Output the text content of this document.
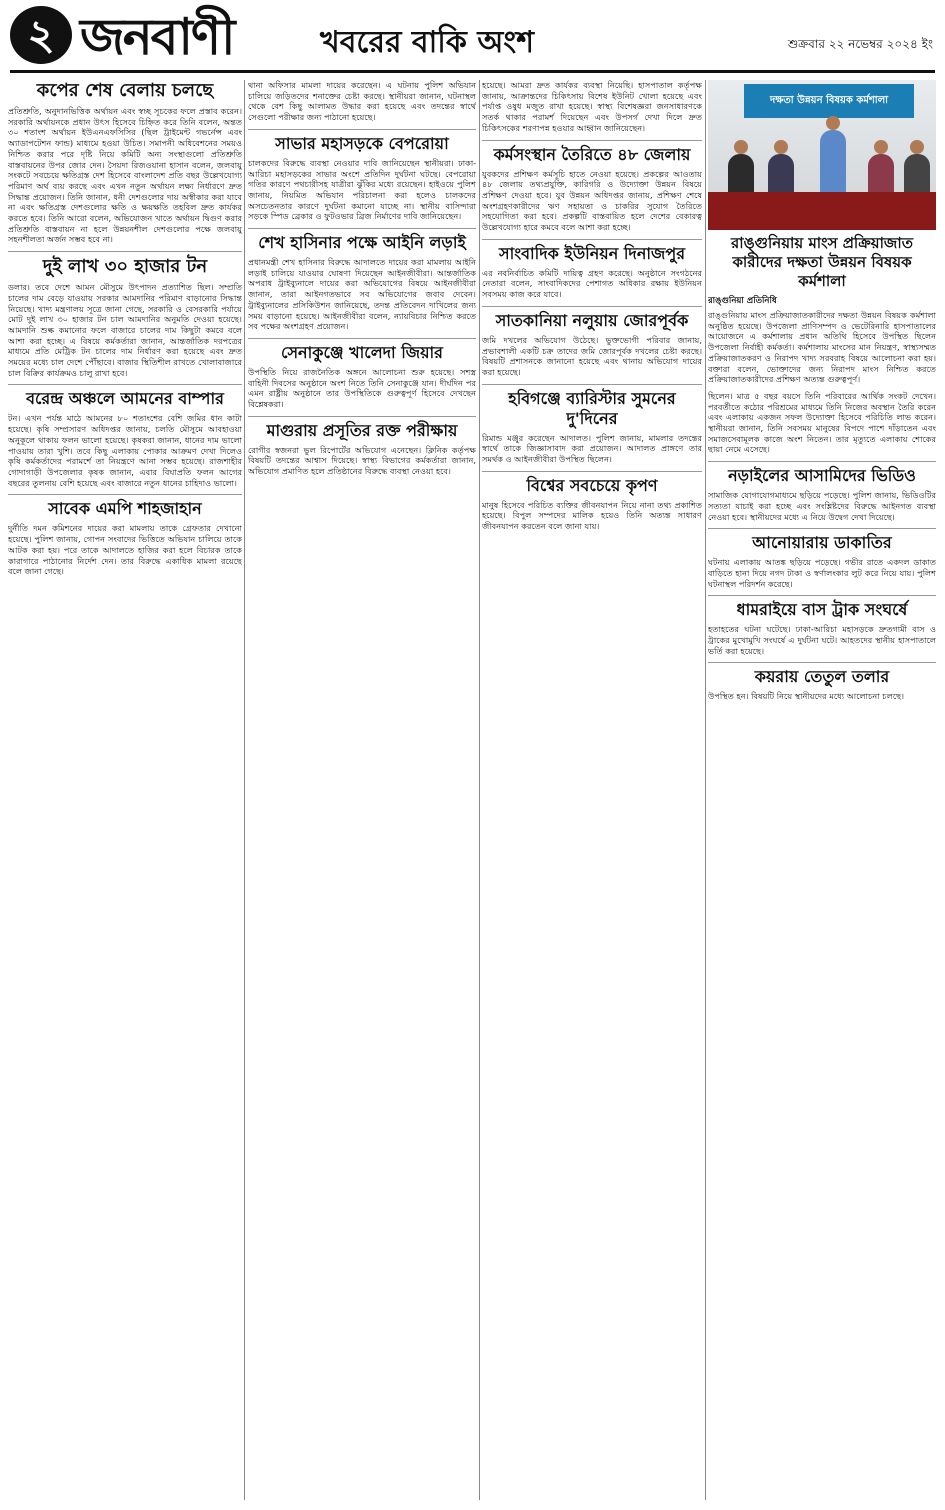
২ জনবাণী	খবরের বাকি অংশ	শুক্রবার ২২ নভেম্বর ২০২৪ ইং
কপের শেষ বেলায় চলছে

প্রতিশ্রুতি, অনুদানভিত্তিক অর্থায়ন এবং স্বচ্ছ সূচকের ফলে প্রস্তাব করেন। সরকারি অর্থায়নকে প্রধান উৎস হিসেবে চিহ্নিত করে তিনি বলেন, অন্তত ৩০ শতাংশ অর্থায়ন ইউএনএফসিসির (ছিল ট্রাইমেন্ট গভর্নেন্স এবং অ্যাডাপটেশন ফান্ড) মাধ্যমে হওয়া উচিত। সমাপনী অধিবেশনের সময়ও নিশ্চিত করার পরে দৃষ্টি নিয়ে কমিটি অন্য সংস্থাগুলো প্রতিশ্রুতি বাস্তবায়নের উপর জোর দেন। সৈয়দা রিজওয়ানা হাসান বলেন, জলবায়ু সংকটে সবচেয়ে ক্ষতিগ্রস্ত দেশ হিসেবে বাংলাদেশ প্রতি বছর উল্লেখযোগ্য পরিমাণ অর্থ ব্যয় করছে এবং এখন নতুন অর্থায়ন লক্ষ্য নির্ধারণে দ্রুত সিদ্ধান্ত প্রয়োজন। তিনি জানান, ধনী দেশগুলোর দায় অস্বীকার করা যাবে না এবং ক্ষতিগ্রস্ত দেশগুলোর ক্ষতি ও ক্ষয়ক্ষতি তহবিল দ্রুত কার্যকর করতে হবে। তিনি আরো বলেন, অভিযোজন খাতে অর্থায়ন দ্বিগুণ করার প্রতিশ্রুতি বাস্তবায়ন না হলে উন্নয়নশীল দেশগুলোর পক্ষে জলবায়ু সহনশীলতা অর্জন সম্ভব হবে না।

দুই লাখ ৩০ হাজার টন

ডলার। তবে দেশে আমন মৌসুমে উৎপাদন প্রত্যাশিত ছিল। সম্প্রতি চালের দাম বেড়ে যাওয়ায় সরকার আমদানির পরিমাণ বাড়ানোর সিদ্ধান্ত নিয়েছে। খাদ্য মন্ত্রণালয় সূত্রে জানা গেছে, সরকারি ও বেসরকারি পর্যায়ে মোট দুই লাখ ৩০ হাজার টন চাল আমদানির অনুমতি দেওয়া হয়েছে। আমদানি শুল্ক কমানোর ফলে বাজারে চালের দাম কিছুটা কমবে বলে আশা করা হচ্ছে। এ বিষয়ে কর্মকর্তারা জানান, আন্তর্জাতিক দরপত্রের মাধ্যমে প্রতি মেট্রিক টন চালের দাম নির্ধারণ করা হয়েছে এবং দ্রুত সময়ের মধ্যে চাল দেশে পৌঁছাবে। বাজার স্থিতিশীল রাখতে খোলাবাজারে চাল বিক্রির কার্যক্রমও চালু রাখা হবে।

বরেন্দ্র অঞ্চলে আমনের বাম্পার

টন। এখন পর্যন্ত মাঠে আমনের ৮০ শতাংশের বেশি জমির ধান কাটা হয়েছে। কৃষি সম্প্রসারণ অধিদপ্তর জানায়, চলতি মৌসুমে আবহাওয়া অনুকূলে থাকায় ফলন ভালো হয়েছে। কৃষকরা জানান, ধানের দাম ভালো পাওয়ায় তারা খুশি। তবে কিছু এলাকায় পোকার আক্রমণ দেখা দিলেও কৃষি কর্মকর্তাদের পরামর্শে তা নিয়ন্ত্রণে আনা সম্ভব হয়েছে। রাজশাহীর গোদাগাড়ী উপজেলার কৃষক জানান, এবার বিঘাপ্রতি ফলন আগের বছরের তুলনায় বেশি হয়েছে এবং বাজারে নতুন ধানের চাহিদাও ভালো।

সাবেক এমপি শাহজাহান

দুর্নীতি দমন কমিশনের দায়ের করা মামলায় তাকে গ্রেফতার দেখানো হয়েছে। পুলিশ জানায়, গোপন সংবাদের ভিত্তিতে অভিযান চালিয়ে তাকে আটক করা হয়। পরে তাকে আদালতে হাজির করা হলে বিচারক তাকে কারাগারে পাঠানোর নির্দেশ দেন। তার বিরুদ্ধে একাধিক মামলা রয়েছে বলে জানা গেছে।

থানা অফিসার মামলা দায়ের করেছেন। এ ঘটনায় পুলিশ অভিযান চালিয়ে জড়িতদের শনাক্তের চেষ্টা করছে। স্থানীয়রা জানান, ঘটনাস্থল থেকে বেশ কিছু আলামত উদ্ধার করা হয়েছে এবং তদন্তের স্বার্থে সেগুলো পরীক্ষার জন্য পাঠানো হয়েছে।

সাভার মহাসড়কে বেপরোয়া

চালকদের বিরুদ্ধে ব্যবস্থা নেওয়ার দাবি জানিয়েছেন স্থানীয়রা। ঢাকা-আরিচা মহাসড়কের সাভার অংশে প্রতিদিন দুর্ঘটনা ঘটছে। বেপরোয়া গতির কারণে পথচারীসহ যাত্রীরা ঝুঁকির মধ্যে রয়েছেন। হাইওয়ে পুলিশ জানায়, নিয়মিত অভিযান পরিচালনা করা হলেও চালকদের অসচেতনতার কারণে দুর্ঘটনা কমানো যাচ্ছে না। স্থানীয় বাসিন্দারা সড়কে স্পিড ব্রেকার ও ফুটওভার ব্রিজ নির্মাণের দাবি জানিয়েছেন।

শেখ হাসিনার পক্ষে আইনি লড়াই

প্রধানমন্ত্রী শেখ হাসিনার বিরুদ্ধে আদালতে দায়ের করা মামলায় আইনি লড়াই চালিয়ে যাওয়ার ঘোষণা দিয়েছেন আইনজীবীরা। আন্তর্জাতিক অপরাধ ট্রাইব্যুনালে দায়ের করা অভিযোগের বিষয়ে আইনজীবীরা জানান, তারা আইনগতভাবে সব অভিযোগের জবাব দেবেন। ট্রাইব্যুনালের প্রসিকিউশন জানিয়েছে, তদন্ত প্রতিবেদন দাখিলের জন্য সময় বাড়ানো হয়েছে। আইনজীবীরা বলেন, ন্যায়বিচার নিশ্চিত করতে সব পক্ষের অংশগ্রহণ প্রয়োজন।

সেনাকুঞ্জে খালেদা জিয়ার

উপস্থিতি নিয়ে রাজনৈতিক অঙ্গনে আলোচনা শুরু হয়েছে। সশস্ত্র বাহিনী দিবসের অনুষ্ঠানে অংশ নিতে তিনি সেনাকুঞ্জে যান। দীর্ঘদিন পর এমন রাষ্ট্রীয় অনুষ্ঠানে তার উপস্থিতিকে গুরুত্বপূর্ণ হিসেবে দেখছেন বিশ্লেষকরা।

মাগুরায় প্রসূতির রক্ত পরীক্ষায়

রোগীর স্বজনরা ভুল রিপোর্টের অভিযোগ এনেছেন। ক্লিনিক কর্তৃপক্ষ বিষয়টি তদন্তের আশ্বাস দিয়েছে। স্বাস্থ্য বিভাগের কর্মকর্তারা জানান, অভিযোগ প্রমাণিত হলে প্রতিষ্ঠানের বিরুদ্ধে ব্যবস্থা নেওয়া হবে।

হয়েছে। আমরা দ্রুত কার্যকর ব্যবস্থা নিয়েছি। হাসপাতাল কর্তৃপক্ষ জানায়, আক্রান্তদের চিকিৎসায় বিশেষ ইউনিট খোলা হয়েছে এবং পর্যাপ্ত ওষুধ মজুত রাখা হয়েছে। স্বাস্থ্য বিশেষজ্ঞরা জনসাধারণকে সতর্ক থাকার পরামর্শ দিয়েছেন এবং উপসর্গ দেখা দিলে দ্রুত চিকিৎসকের শরণাপন্ন হওয়ার আহ্বান জানিয়েছেন।

কর্মসংস্থান তৈরিতে ৪৮ জেলায়

যুবকদের প্রশিক্ষণ কর্মসূচি হাতে নেওয়া হয়েছে। প্রকল্পের আওতায় ৪৮ জেলায় তথ্যপ্রযুক্তি, কারিগরি ও উদ্যোক্তা উন্নয়ন বিষয়ে প্রশিক্ষণ দেওয়া হবে। যুব উন্নয়ন অধিদপ্তর জানায়, প্রশিক্ষণ শেষে অংশগ্রহণকারীদের ঋণ সহায়তা ও চাকরির সুযোগ তৈরিতে সহযোগিতা করা হবে। প্রকল্পটি বাস্তবায়িত হলে দেশের বেকারত্ব উল্লেখযোগ্য হারে কমবে বলে আশা করা হচ্ছে।

সাংবাদিক ইউনিয়ন দিনাজপুর

এর নবনির্বাচিত কমিটি দায়িত্ব গ্রহণ করেছে। অনুষ্ঠানে সংগঠনের নেতারা বলেন, সাংবাদিকদের পেশাগত অধিকার রক্ষায় ইউনিয়ন সবসময় কাজ করে যাবে।

সাতকানিয়া নলুয়ায় জোরপূর্বক

জমি দখলের অভিযোগ উঠেছে। ভুক্তভোগী পরিবার জানায়, প্রভাবশালী একটি চক্র তাদের জমি জোরপূর্বক দখলের চেষ্টা করছে। বিষয়টি প্রশাসনকে জানানো হয়েছে এবং থানায় অভিযোগ দায়ের করা হয়েছে।

হবিগঞ্জে ব্যারিস্টার সুমনের দু'দিনের

রিমান্ড মঞ্জুর করেছেন আদালত। পুলিশ জানায়, মামলার তদন্তের স্বার্থে তাকে জিজ্ঞাসাবাদ করা প্রয়োজন। আদালত প্রাঙ্গণে তার সমর্থক ও আইনজীবীরা উপস্থিত ছিলেন।

বিশ্বের সবচেয়ে কৃপণ

মানুষ হিসেবে পরিচিত ব্যক্তির জীবনযাপন নিয়ে নানা তথ্য প্রকাশিত হয়েছে। বিপুল সম্পদের মালিক হয়েও তিনি অত্যন্ত সাধারণ জীবনযাপন করতেন বলে জানা যায়।

দক্ষতা উন্নয়ন বিষয়ক কর্মশালা
রাঙ্গুনিয়ায় মাংস প্রক্রিয়াজাত কারীদের দক্ষতা উন্নয়ন বিষয়ক কর্মশালা
রাঙ্গুনিয়া প্রতিনিধি

রাঙ্গুনিয়ায় মাংস প্রক্রিয়াজাতকারীদের দক্ষতা উন্নয়ন বিষয়ক কর্মশালা অনুষ্ঠিত হয়েছে। উপজেলা প্রাণিসম্পদ ও ভেটেরিনারি হাসপাতালের আয়োজনে এ কর্মশালায় প্রধান অতিথি হিসেবে উপস্থিত ছিলেন উপজেলা নির্বাহী কর্মকর্তা। কর্মশালায় মাংসের মান নিয়ন্ত্রণ, স্বাস্থ্যসম্মত প্রক্রিয়াজাতকরণ ও নিরাপদ খাদ্য সরবরাহ বিষয়ে আলোচনা করা হয়। বক্তারা বলেন, ভোক্তাদের জন্য নিরাপদ মাংস নিশ্চিত করতে প্রক্রিয়াজাতকারীদের প্রশিক্ষণ অত্যন্ত গুরুত্বপূর্ণ।

ছিলেন। মাত্র ৫ বছর বয়সে তিনি পরিবারের আর্থিক সংকট দেখেন। পরবর্তীতে কঠোর পরিশ্রমের মাধ্যমে তিনি নিজের অবস্থান তৈরি করেন এবং এলাকায় একজন সফল উদ্যোক্তা হিসেবে পরিচিতি লাভ করেন। স্থানীয়রা জানান, তিনি সবসময় মানুষের বিপদে পাশে দাঁড়াতেন এবং সমাজসেবামূলক কাজে অংশ নিতেন। তার মৃত্যুতে এলাকায় শোকের ছায়া নেমে এসেছে।

নড়াইলের আসামিদের ভিডিও

সামাজিক যোগাযোগমাধ্যমে ছড়িয়ে পড়েছে। পুলিশ জানায়, ভিডিওটির সত্যতা যাচাই করা হচ্ছে এবং সংশ্লিষ্টদের বিরুদ্ধে আইনগত ব্যবস্থা নেওয়া হবে। স্থানীয়দের মধ্যে এ নিয়ে উদ্বেগ দেখা দিয়েছে।

আনোয়ারায় ডাকাতির

ঘটনায় এলাকায় আতঙ্ক ছড়িয়ে পড়েছে। গভীর রাতে একদল ডাকাত বাড়িতে হানা দিয়ে নগদ টাকা ও স্বর্ণালংকার লুট করে নিয়ে যায়। পুলিশ ঘটনাস্থল পরিদর্শন করেছে।

ধামরাইয়ে বাস ট্রাক সংঘর্ষে

হতাহতের ঘটনা ঘটেছে। ঢাকা-আরিচা মহাসড়কে দ্রুতগামী বাস ও ট্রাকের মুখোমুখি সংঘর্ষে এ দুর্ঘটনা ঘটে। আহতদের স্থানীয় হাসপাতালে ভর্তি করা হয়েছে।

কয়রায় তেতুল তলার

উপস্থিত হন। বিষয়টি নিয়ে স্থানীয়দের মধ্যে আলোচনা চলছে।
